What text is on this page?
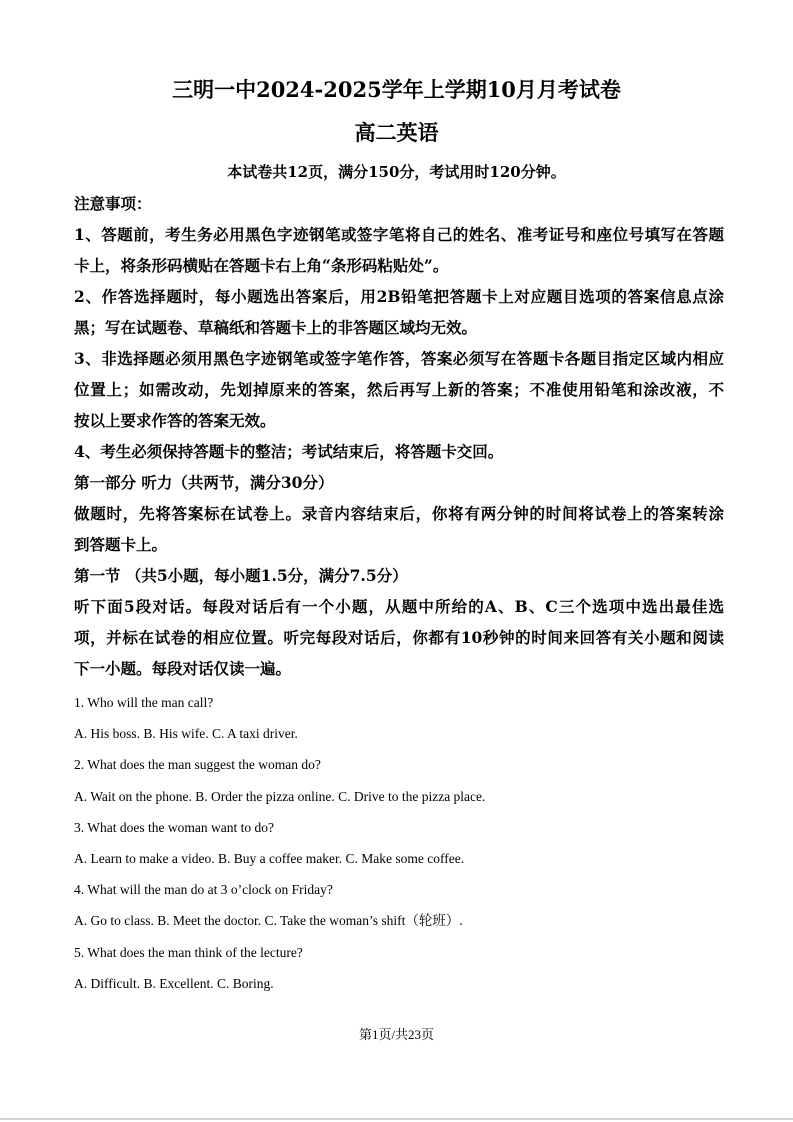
三明一中2024-2025学年上学期10月月考试卷
高二英语
本试卷共12页，满分150分，考试用时120分钟。
注意事项：
1、答题前，考生务必用黑色字迹钢笔或签字笔将自己的姓名、准考证号和座位号填写在答题
卡上，将条形码横贴在答题卡右上角“条形码粘贴处”。
2、作答选择题时，每小题选出答案后，用2B铅笔把答题卡上对应题目选项的答案信息点涂
黑；写在试题卷、草稿纸和答题卡上的非答题区域均无效。
3、非选择题必须用黑色字迹钢笔或签字笔作答，答案必须写在答题卡各题目指定区域内相应
位置上；如需改动，先划掉原来的答案，然后再写上新的答案；不准使用铅笔和涂改液，不
按以上要求作答的答案无效。
4、考生必须保持答题卡的整洁；考试结束后，将答题卡交回。
第一部分 听力（共两节，满分30分）
做题时，先将答案标在试卷上。录音内容结束后，你将有两分钟的时间将试卷上的答案转涂
到答题卡上。
第一节 （共5小题，每小题1.5分，满分7.5分）
听下面5段对话。每段对话后有一个小题，从题中所给的A、B、C三个选项中选出最佳选
项，并标在试卷的相应位置。听完每段对话后，你都有10秒钟的时间来回答有关小题和阅读
下一小题。每段对话仅读一遍。
1. Who will the man call?
A. His boss. B. His wife. C. A taxi driver.
2. What does the man suggest the woman do?
A. Wait on the phone. B. Order the pizza online. C. Drive to the pizza place.
3. What does the woman want to do?
A. Learn to make a video. B. Buy a coffee maker. C. Make some coffee.
4. What will the man do at 3 o’clock on Friday?
A. Go to class. B. Meet the doctor. C. Take the woman’s shift（轮班）.
5. What does the man think of the lecture?
A. Difficult. B. Excellent. C. Boring.
第1页/共23页
